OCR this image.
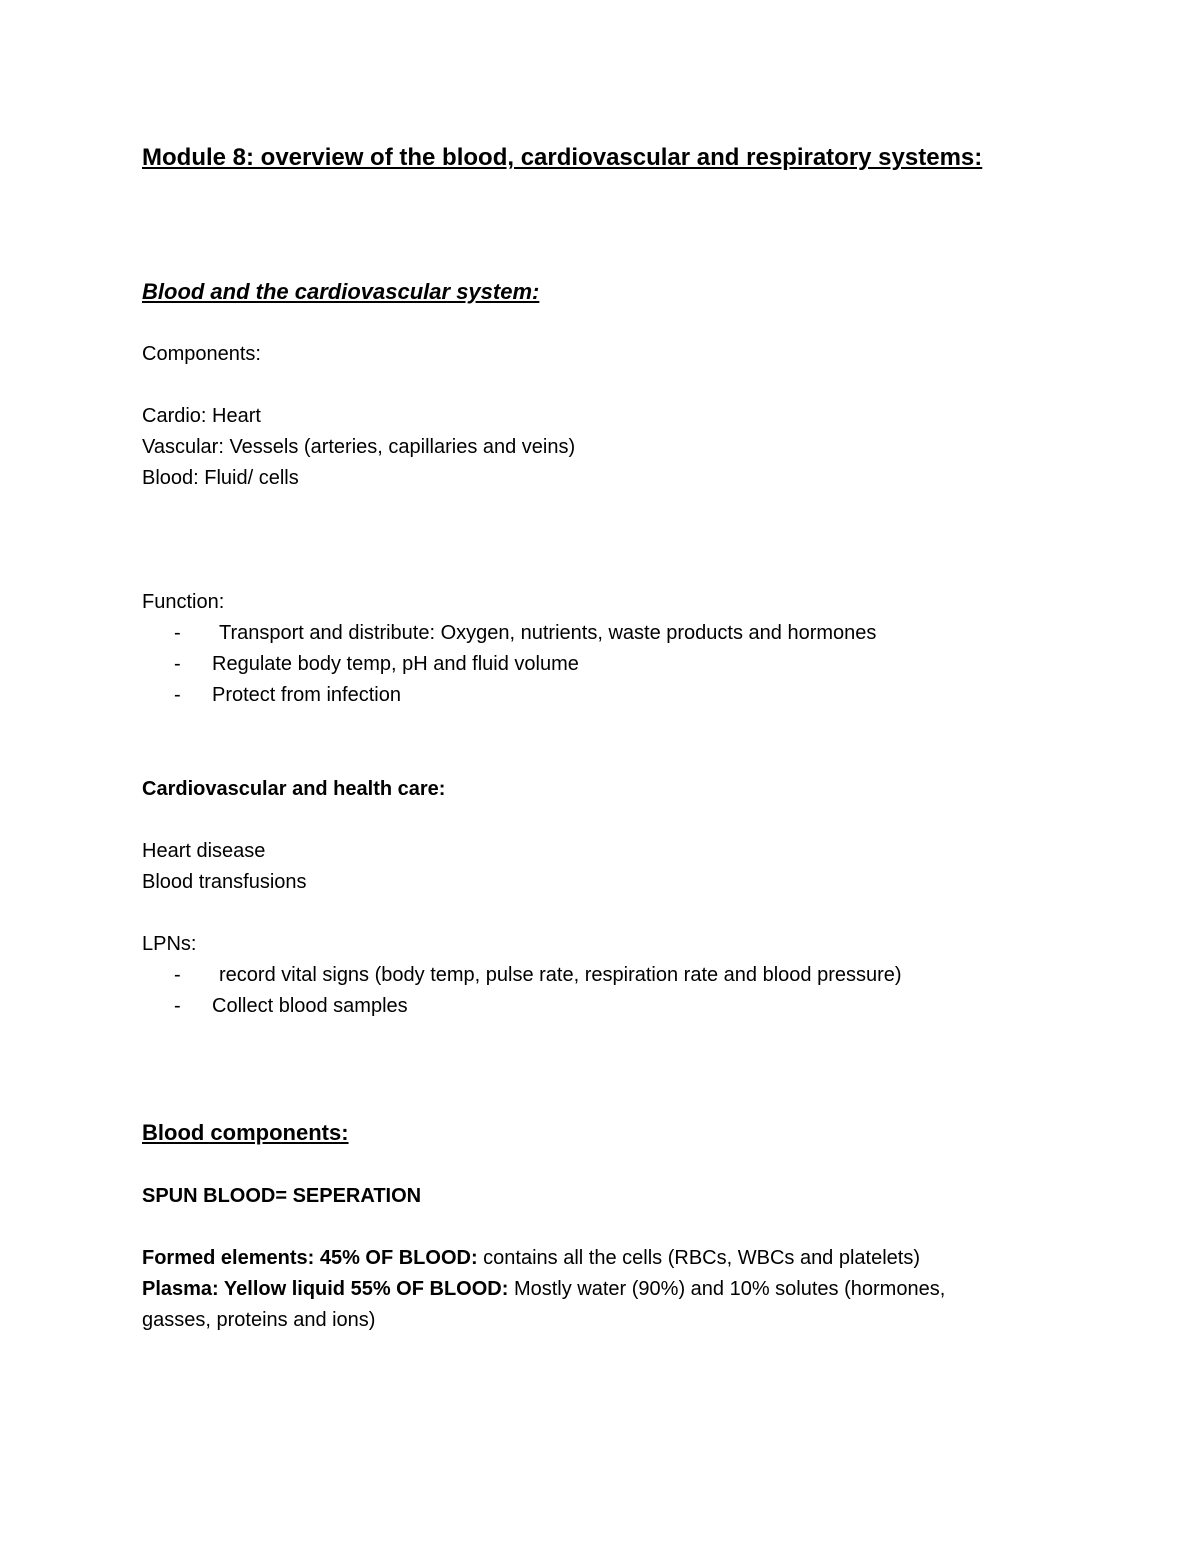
Module 8: overview of the blood, cardiovascular and respiratory systems:
Blood and the cardiovascular system:
Components:
Cardio: Heart
Vascular: Vessels (arteries, capillaries and veins)
Blood: Fluid/ cells
Function:
- Transport and distribute: Oxygen, nutrients, waste products and hormones
- Regulate body temp, pH and fluid volume
- Protect from infection
Cardiovascular and health care:
Heart disease
Blood transfusions
LPNs:
- record vital signs (body temp, pulse rate, respiration rate and blood pressure)
- Collect blood samples
Blood components:
SPUN BLOOD= SEPERATION
Formed elements: 45% OF BLOOD: contains all the cells (RBCs, WBCs and platelets)
Plasma: Yellow liquid 55% OF BLOOD: Mostly water (90%) and 10% solutes (hormones, gasses, proteins and ions)
